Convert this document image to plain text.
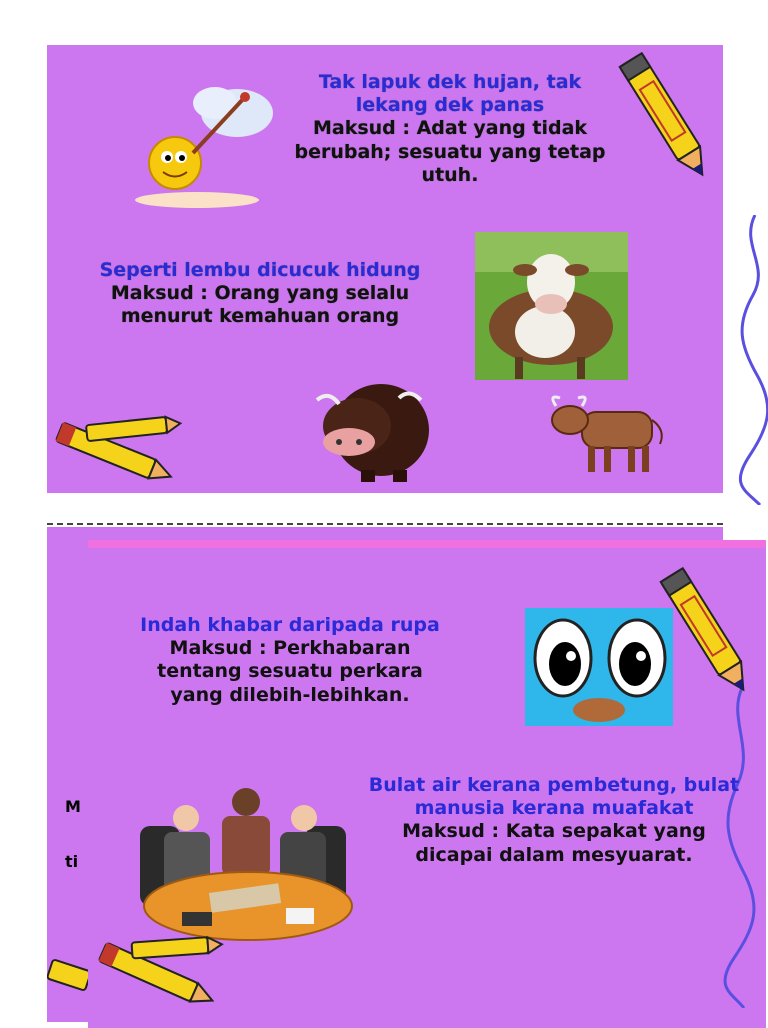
Tak lapuk dek hujan, tak lekang dek panas
Maksud : Adat yang tidak berubah; sesuatu yang tetap utuh.
Seperti lembu dicucuk hidung
Maksud : Orang yang selalu menurut kemahuan orang
M
ti
Indah khabar daripada rupa
Maksud : Perkhabaran tentang sesuatu perkara yang dilebih-lebihkan.
Bulat air kerana pembetung, bulat manusia kerana muafakat
Maksud : Kata sepakat yang dicapai dalam mesyuarat.
